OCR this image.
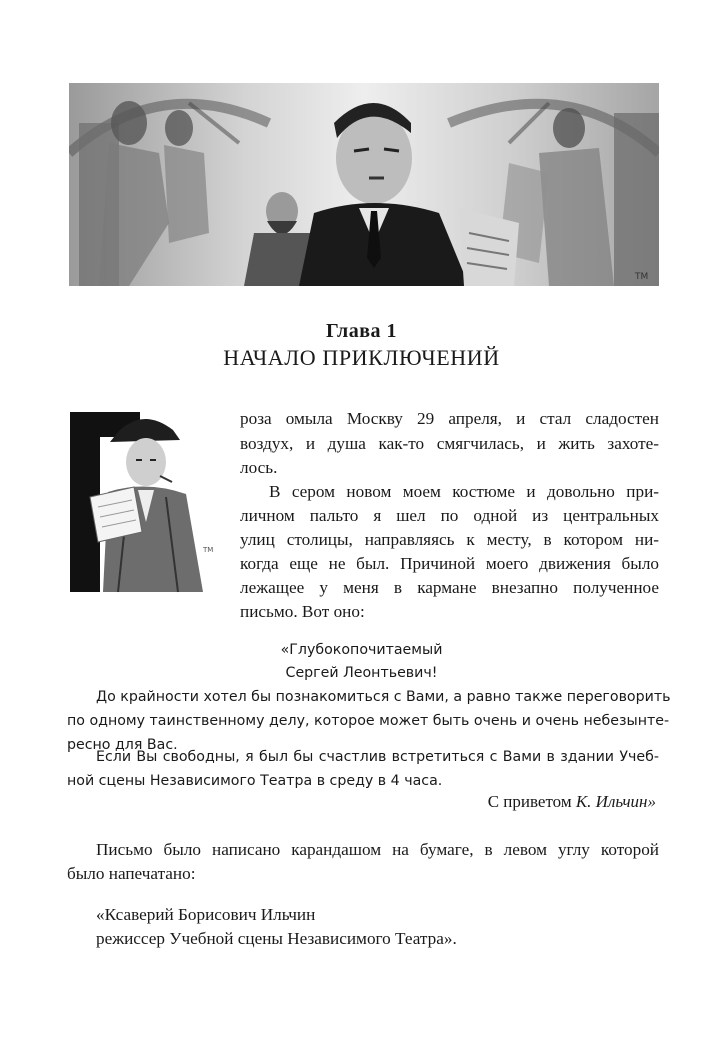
ТМ
Глава 1
НАЧАЛО ПРИКЛЮЧЕНИЙ
ТМ
роза омыла Москву 29 апреля, и стал сладостен
воздух, и душа как-то смягчилась, и жить захоте-
лось.
В сером новом моем костюме и довольно при-
личном пальто я шел по одной из центральных
улиц столицы, направляясь к месту, в котором ни-
когда еще не был. Причиной моего движения было
лежащее у меня в кармане внезапно полученное
письмо. Вот оно:
«Глубокопочитаемый
Сергей Леонтьевич!
До крайности хотел бы познакомиться с Вами, а равно также переговорить
по одному таинственному делу, которое может быть очень и очень небезынте-
ресно для Вас.
Если Вы свободны, я был бы счастлив встретиться с Вами в здании Учеб-
ной сцены Независимого Театра в среду в 4 часа.
С приветом К. Ильчин»
Письмо было написано карандашом на бумаге, в левом углу которой
было напечатано:
«Ксаверий Борисович Ильчин
режиссер Учебной сцены Независимого Театра».
